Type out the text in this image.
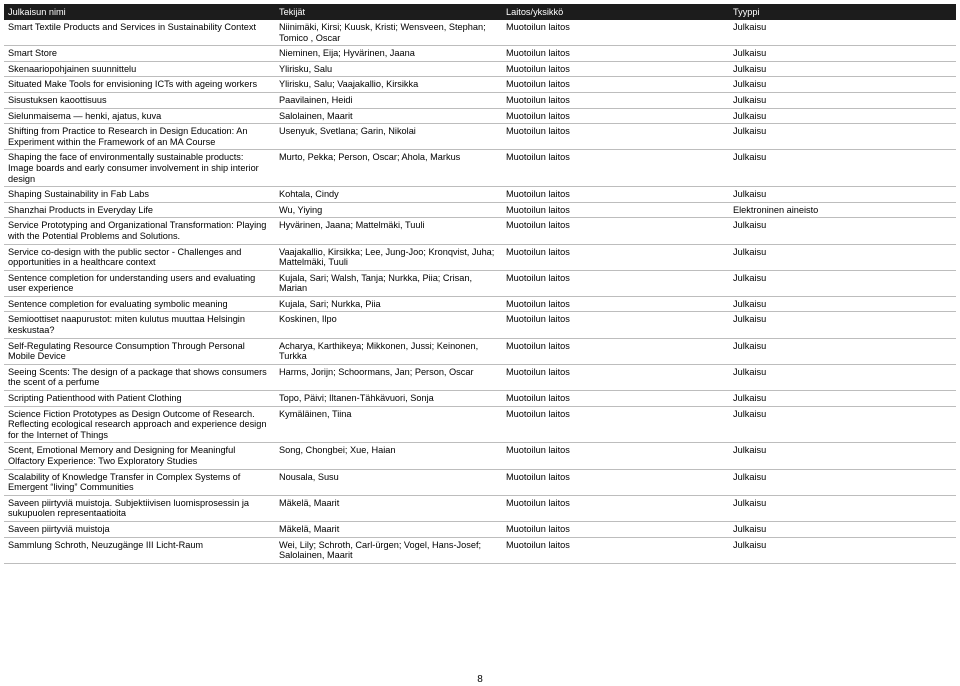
Julkaisun nimi	Tekijät	Laitos/yksikkö	Tyyppi
Smart Textile Products and Services in Sustainability Context	Niinimäki, Kirsi; Kuusk, Kristi; Wensveen, Stephan; Tomico , Oscar	Muotoilun laitos	Julkaisu
Smart Store	Nieminen, Eija; Hyvärinen, Jaana	Muotoilun laitos	Julkaisu
Skenaariopohjainen suunnittelu	Ylirisku, Salu	Muotoilun laitos	Julkaisu
Situated Make Tools for envisioning ICTs with ageing workers	Ylirisku, Salu; Vaajakallio, Kirsikka	Muotoilun laitos	Julkaisu
Sisustuksen kaoottisuus	Paavilainen, Heidi	Muotoilun laitos	Julkaisu
Sielunmaisema — henki, ajatus, kuva	Salolainen, Maarit	Muotoilun laitos	Julkaisu
Shifting from Practice to Research in Design Education: An Experiment within the Framework of an MA Course	Usenyuk, Svetlana; Garin, Nikolai	Muotoilun laitos	Julkaisu
Shaping the face of environmentally sustainable products: Image boards and early consumer involvement in ship interior design	Murto, Pekka; Person, Oscar; Ahola, Markus	Muotoilun laitos	Julkaisu
Shaping Sustainability in Fab Labs	Kohtala, Cindy	Muotoilun laitos	Julkaisu
Shanzhai Products in Everyday Life	Wu, Yiying	Muotoilun laitos	Elektroninen aineisto
Service Prototyping and Organizational Transformation: Playing with the Potential Problems and Solutions.	Hyvärinen, Jaana; Mattelmäki, Tuuli	Muotoilun laitos	Julkaisu
Service co-design with the public sector - Challenges and opportunities in a healthcare context	Vaajakallio, Kirsikka; Lee, Jung-Joo; Kronqvist, Juha; Mattelmäki, Tuuli	Muotoilun laitos	Julkaisu
Sentence completion for understanding users and evaluating user experience	Kujala, Sari; Walsh, Tanja; Nurkka, Piia; Crisan, Marian	Muotoilun laitos	Julkaisu
Sentence completion for evaluating symbolic meaning	Kujala, Sari; Nurkka, Piia	Muotoilun laitos	Julkaisu
Semioottiset naapurustot: miten kulutus muuttaa Helsingin keskustaa?	Koskinen, Ilpo	Muotoilun laitos	Julkaisu
Self-Regulating Resource Consumption Through Personal Mobile Device	Acharya, Karthikeya; Mikkonen, Jussi; Keinonen, Turkka	Muotoilun laitos	Julkaisu
Seeing Scents: The design of a package that shows consumers the scent of a perfume	Harms, Jorijn; Schoormans, Jan; Person, Oscar	Muotoilun laitos	Julkaisu
Scripting Patienthood with Patient Clothing	Topo, Päivi; Iltanen-Tähkävuori, Sonja	Muotoilun laitos	Julkaisu
Science Fiction Prototypes as Design Outcome of Research. Reflecting ecological research approach and experience design for the Internet of Things	Kymäläinen, Tiina	Muotoilun laitos	Julkaisu
Scent, Emotional Memory and Designing for Meaningful Olfactory Experience: Two Exploratory Studies	Song, Chongbei; Xue, Haian	Muotoilun laitos	Julkaisu
Scalability of Knowledge Transfer in Complex Systems of Emergent “living” Communities	Nousala, Susu	Muotoilun laitos	Julkaisu
Saveen piirtyviä muistoja. Subjektiivisen luomisprosessin ja sukupuolen representaatioita	Mäkelä, Maarit	Muotoilun laitos	Julkaisu
Saveen piirtyviä muistoja	Mäkelä, Maarit	Muotoilun laitos	Julkaisu
Sammlung Schroth, Neuzugänge III Licht-Raum	Wei, Lily; Schroth, Carl-ürgen; Vogel, Hans-Josef; Salolainen, Maarit	Muotoilun laitos	Julkaisu
8
